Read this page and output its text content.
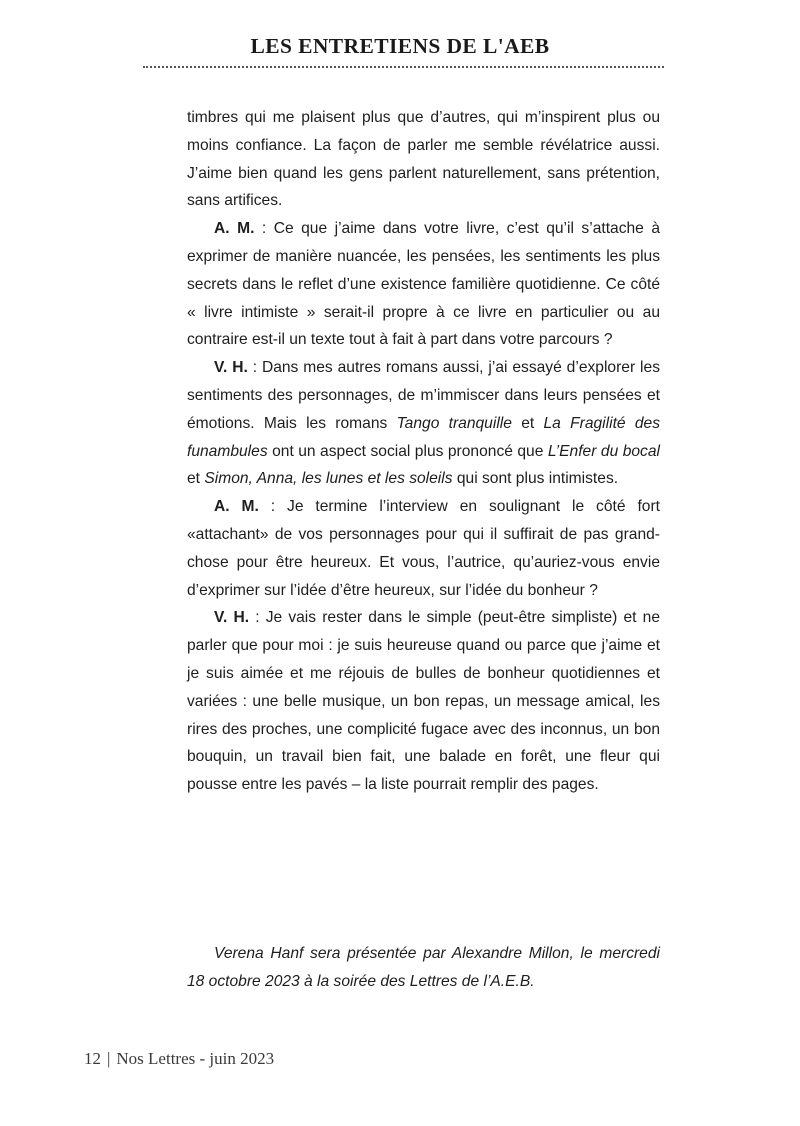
LES ENTRETIENS DE L'AEB

timbres qui me plaisent plus que d’autres, qui m’inspirent plus ou moins confiance. La façon de parler me semble révélatrice aussi. J’aime bien quand les gens parlent naturellement, sans prétention, sans artifices.

A. M. : Ce que j’aime dans votre livre, c’est qu’il s’attache à exprimer de manière nuancée, les pensées, les sentiments les plus secrets dans le reflet d’une existence familière quotidienne. Ce côté « livre intimiste » serait-il propre à ce livre en particulier ou au contraire est-il un texte tout à fait à part dans votre parcours ?

V. H. : Dans mes autres romans aussi, j’ai essayé d’explorer les sentiments des personnages, de m’immiscer dans leurs pensées et émotions. Mais les romans Tango tranquille et La Fragilité des funambules ont un aspect social plus prononcé que L’Enfer du bocal et Simon, Anna, les lunes et les soleils qui sont plus intimistes.

A. M. : Je termine l’interview en soulignant le côté fort «attachant» de vos personnages pour qui il suffirait de pas grand-chose pour être heureux. Et vous, l’autrice, qu’auriez-vous envie d’exprimer sur l’idée d’être heureux, sur l’idée du bonheur ?

V. H. : Je vais rester dans le simple (peut-être simpliste) et ne parler que pour moi : je suis heureuse quand ou parce que j’aime et je suis aimée et me réjouis de bulles de bonheur quotidiennes et variées : une belle musique, un bon repas, un message amical, les rires des proches, une complicité fugace avec des inconnus, un bon bouquin, un travail bien fait, une balade en forêt, une fleur qui pousse entre les pavés – la liste pourrait remplir des pages.

Verena Hanf sera présentée par Alexandre Millon, le mercredi 18 octobre 2023 à la soirée des Lettres de l’A.E.B.

12 | Nos Lettres - juin 2023
